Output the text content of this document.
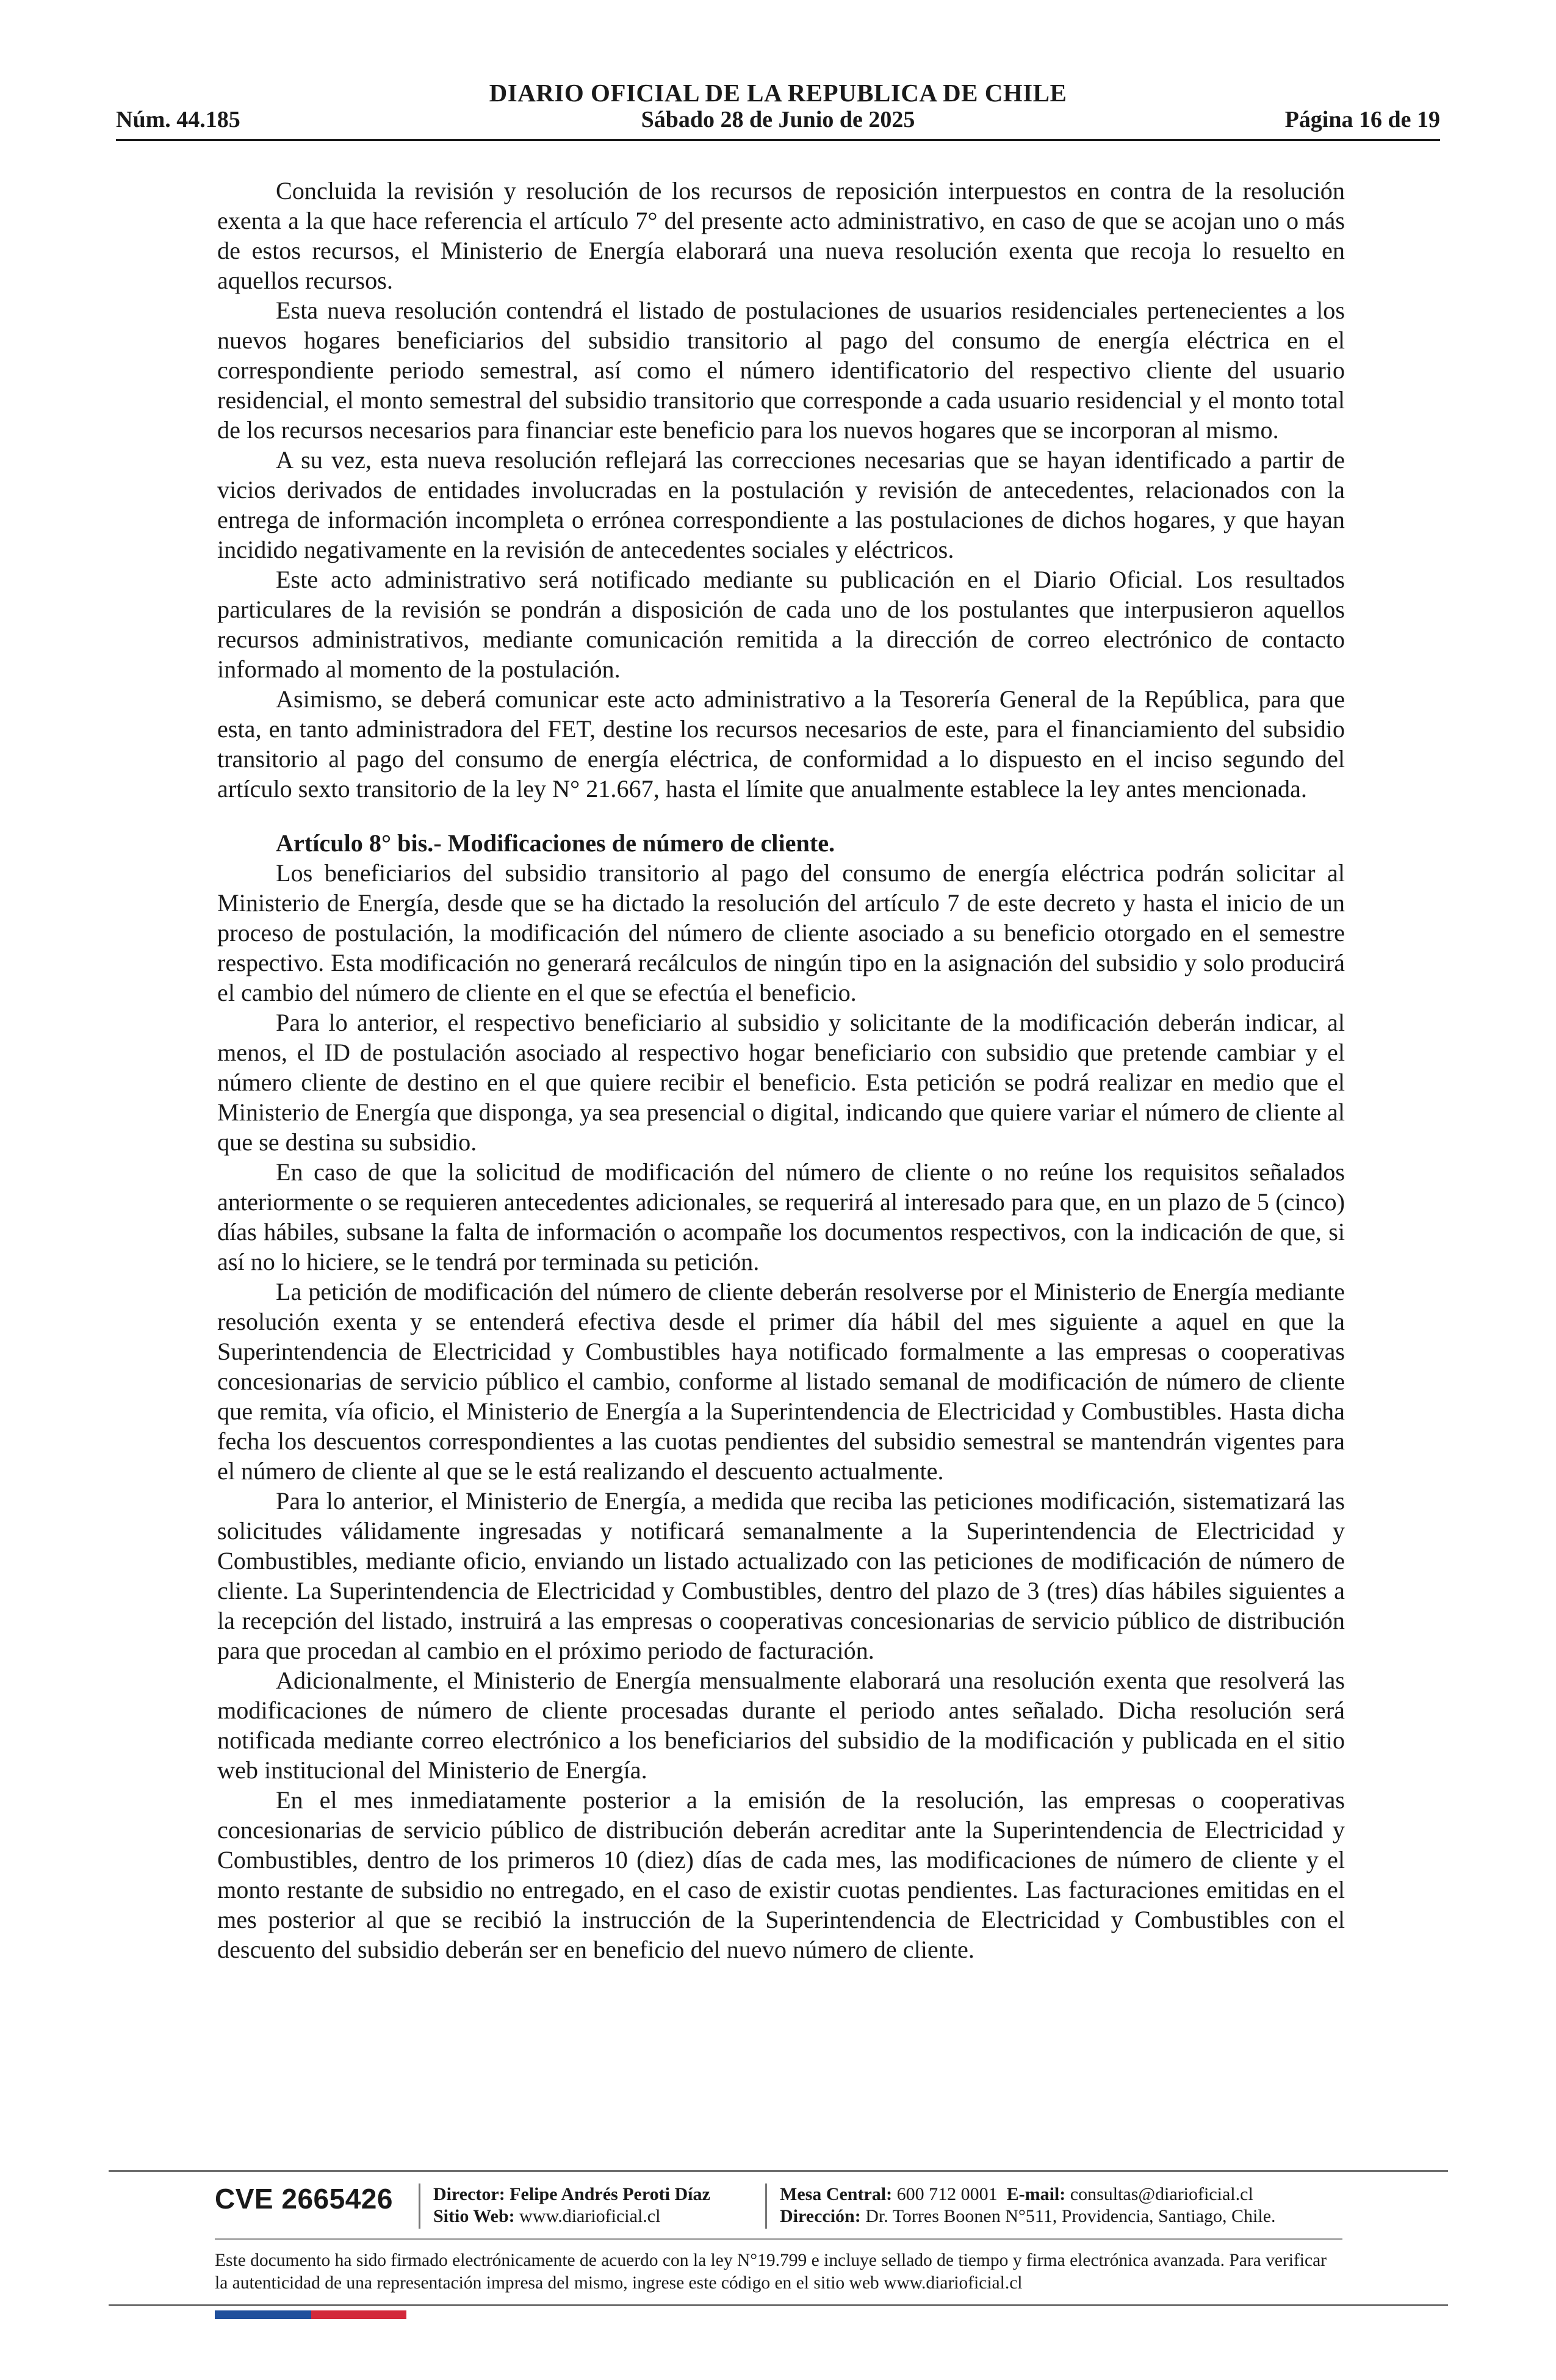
DIARIO OFICIAL DE LA REPUBLICA DE CHILE
Núm. 44.185	Sábado 28 de Junio de 2025	Página 16 de 19

Concluida la revisión y resolución de los recursos de reposición interpuestos en contra de la resolución exenta a la que hace referencia el artículo 7° del presente acto administrativo, en caso de que se acojan uno o más de estos recursos, el Ministerio de Energía elaborará una nueva resolución exenta que recoja lo resuelto en aquellos recursos.

Esta nueva resolución contendrá el listado de postulaciones de usuarios residenciales pertenecientes a los nuevos hogares beneficiarios del subsidio transitorio al pago del consumo de energía eléctrica en el correspondiente periodo semestral, así como el número identificatorio del respectivo cliente del usuario residencial, el monto semestral del subsidio transitorio que corresponde a cada usuario residencial y el monto total de los recursos necesarios para financiar este beneficio para los nuevos hogares que se incorporan al mismo.

A su vez, esta nueva resolución reflejará las correcciones necesarias que se hayan identificado a partir de vicios derivados de entidades involucradas en la postulación y revisión de antecedentes, relacionados con la entrega de información incompleta o errónea correspondiente a las postulaciones de dichos hogares, y que hayan incidido negativamente en la revisión de antecedentes sociales y eléctricos.

Este acto administrativo será notificado mediante su publicación en el Diario Oficial. Los resultados particulares de la revisión se pondrán a disposición de cada uno de los postulantes que interpusieron aquellos recursos administrativos, mediante comunicación remitida a la dirección de correo electrónico de contacto informado al momento de la postulación.

Asimismo, se deberá comunicar este acto administrativo a la Tesorería General de la República, para que esta, en tanto administradora del FET, destine los recursos necesarios de este, para el financiamiento del subsidio transitorio al pago del consumo de energía eléctrica, de conformidad a lo dispuesto en el inciso segundo del artículo sexto transitorio de la ley N° 21.667, hasta el límite que anualmente establece la ley antes mencionada.

Artículo 8° bis.- Modificaciones de número de cliente.

Los beneficiarios del subsidio transitorio al pago del consumo de energía eléctrica podrán solicitar al Ministerio de Energía, desde que se ha dictado la resolución del artículo 7 de este decreto y hasta el inicio de un proceso de postulación, la modificación del número de cliente asociado a su beneficio otorgado en el semestre respectivo. Esta modificación no generará recálculos de ningún tipo en la asignación del subsidio y solo producirá el cambio del número de cliente en el que se efectúa el beneficio.

Para lo anterior, el respectivo beneficiario al subsidio y solicitante de la modificación deberán indicar, al menos, el ID de postulación asociado al respectivo hogar beneficiario con subsidio que pretende cambiar y el número cliente de destino en el que quiere recibir el beneficio. Esta petición se podrá realizar en medio que el Ministerio de Energía que disponga, ya sea presencial o digital, indicando que quiere variar el número de cliente al que se destina su subsidio.

En caso de que la solicitud de modificación del número de cliente o no reúne los requisitos señalados anteriormente o se requieren antecedentes adicionales, se requerirá al interesado para que, en un plazo de 5 (cinco) días hábiles, subsane la falta de información o acompañe los documentos respectivos, con la indicación de que, si así no lo hiciere, se le tendrá por terminada su petición.

La petición de modificación del número de cliente deberán resolverse por el Ministerio de Energía mediante resolución exenta y se entenderá efectiva desde el primer día hábil del mes siguiente a aquel en que la Superintendencia de Electricidad y Combustibles haya notificado formalmente a las empresas o cooperativas concesionarias de servicio público el cambio, conforme al listado semanal de modificación de número de cliente que remita, vía oficio, el Ministerio de Energía a la Superintendencia de Electricidad y Combustibles. Hasta dicha fecha los descuentos correspondientes a las cuotas pendientes del subsidio semestral se mantendrán vigentes para el número de cliente al que se le está realizando el descuento actualmente.

Para lo anterior, el Ministerio de Energía, a medida que reciba las peticiones modificación, sistematizará las solicitudes válidamente ingresadas y notificará semanalmente a la Superintendencia de Electricidad y Combustibles, mediante oficio, enviando un listado actualizado con las peticiones de modificación de número de cliente. La Superintendencia de Electricidad y Combustibles, dentro del plazo de 3 (tres) días hábiles siguientes a la recepción del listado, instruirá a las empresas o cooperativas concesionarias de servicio público de distribución para que procedan al cambio en el próximo periodo de facturación.

Adicionalmente, el Ministerio de Energía mensualmente elaborará una resolución exenta que resolverá las modificaciones de número de cliente procesadas durante el periodo antes señalado. Dicha resolución será notificada mediante correo electrónico a los beneficiarios del subsidio de la modificación y publicada en el sitio web institucional del Ministerio de Energía.

En el mes inmediatamente posterior a la emisión de la resolución, las empresas o cooperativas concesionarias de servicio público de distribución deberán acreditar ante la Superintendencia de Electricidad y Combustibles, dentro de los primeros 10 (diez) días de cada mes, las modificaciones de número de cliente y el monto restante de subsidio no entregado, en el caso de existir cuotas pendientes. Las facturaciones emitidas en el mes posterior al que se recibió la instrucción de la Superintendencia de Electricidad y Combustibles con el descuento del subsidio deberán ser en beneficio del nuevo número de cliente.

CVE 2665426 Director: Felipe Andrés Peroti Díaz
Sitio Web: www.diarioficial.cl
Mesa Central: 600 712 0001 E-mail: consultas@diarioficial.cl
Dirección: Dr. Torres Boonen N°511, Providencia, Santiago, Chile.
Este documento ha sido firmado electrónicamente de acuerdo con la ley N°19.799 e incluye sellado de tiempo y firma electrónica avanzada. Para verificar la autenticidad de una representación impresa del mismo, ingrese este código en el sitio web www.diarioficial.cl
